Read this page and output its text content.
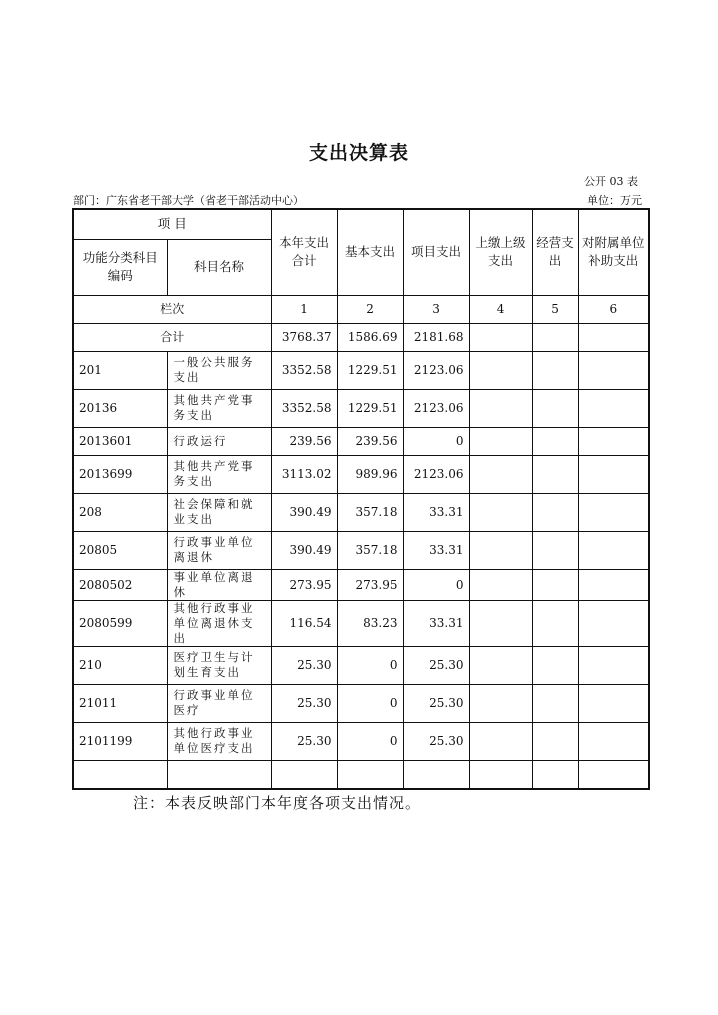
支出决算表
公开 03 表
部门：广东省老干部大学（省老干部活动中心）	单位：万元
项 目		本年支出合计	基本支出	项目支出	上缴上级支出	经营支出	对附属单位补助支出
功能分类科目编码	科目名称						
栏次		1	2	3	4	5	6
合计		3768.37	1586.69	2181.68			
201	一般公共服务支出	3352.58	1229.51	2123.06			
20136	其他共产党事务支出	3352.58	1229.51	2123.06			
2013601	行政运行	239.56	239.56	0			
2013699	其他共产党事务支出	3113.02	989.96	2123.06			
208	社会保障和就业支出	390.49	357.18	33.31			
20805	行政事业单位离退休	390.49	357.18	33.31			
2080502	事业单位离退休	273.95	273.95	0			
2080599	其他行政事业单位离退休支出	116.54	83.23	33.31			
210	医疗卫生与计划生育支出	25.30	0	25.30			
21011	行政事业单位医疗	25.30	0	25.30			
2101199	其他行政事业单位医疗支出	25.30	0	25.30			

注：本表反映部门本年度各项支出情况。
